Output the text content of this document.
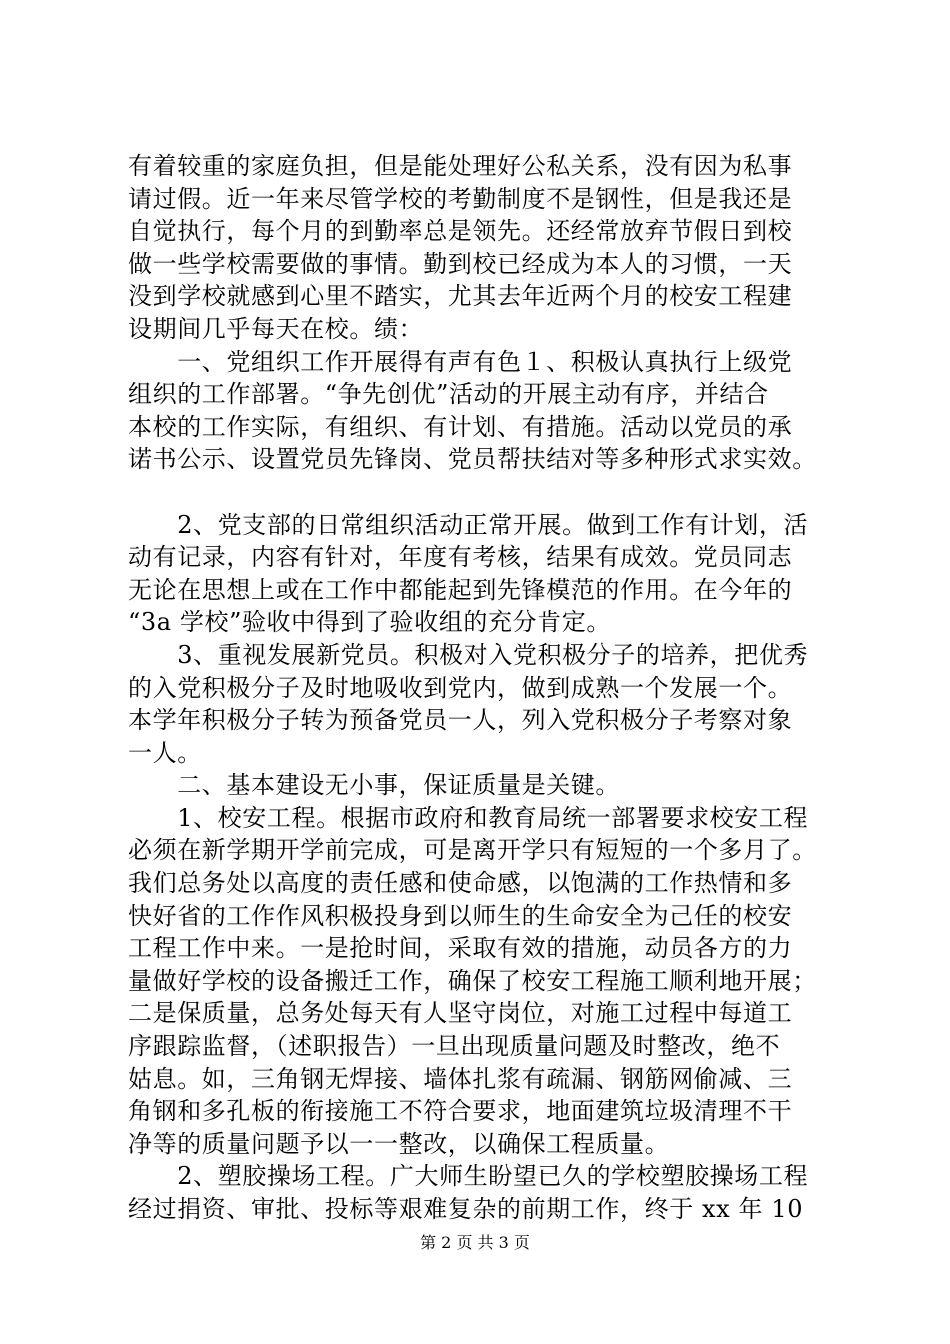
有着较重的家庭负担，但是能处理好公私关系，没有因为私事
请过假。近一年来尽管学校的考勤制度不是钢性，但是我还是
自觉执行，每个月的到勤率总是领先。还经常放弃节假日到校
做一些学校需要做的事情。勤到校已经成为本人的习惯，一天
没到学校就感到心里不踏实，尤其去年近两个月的校安工程建
设期间几乎每天在校。绩：
　　一、党组织工作开展得有声有色１、积极认真执行上级党
组织的工作部署。“争先创优”活动的开展主动有序，并结合
本校的工作实际，有组织、有计划、有措施。活动以党员的承
诺书公示、设置党员先锋岗、党员帮扶结对等多种形式求实效。
　　2、党支部的日常组织活动正常开展。做到工作有计划，活
动有记录，内容有针对，年度有考核，结果有成效。党员同志
无论在思想上或在工作中都能起到先锋模范的作用。在今年的
“3a 学校”验收中得到了验收组的充分肯定。
　　3、重视发展新党员。积极对入党积极分子的培养，把优秀
的入党积极分子及时地吸收到党内，做到成熟一个发展一个。
本学年积极分子转为预备党员一人，列入党积极分子考察对象
一人。
　　二、基本建设无小事，保证质量是关键。
　　1、校安工程。根据市政府和教育局统一部署要求校安工程
必须在新学期开学前完成，可是离开学只有短短的一个多月了。
我们总务处以高度的责任感和使命感，以饱满的工作热情和多
快好省的工作作风积极投身到以师生的生命安全为己任的校安
工程工作中来。一是抢时间，采取有效的措施，动员各方的力
量做好学校的设备搬迁工作，确保了校安工程施工顺利地开展；
二是保质量，总务处每天有人坚守岗位，对施工过程中每道工
序跟踪监督，（述职报告）一旦出现质量问题及时整改，绝不
姑息。如，三角钢无焊接、墙体扎浆有疏漏、钢筋网偷减、三
角钢和多孔板的衔接施工不符合要求，地面建筑垃圾清理不干
净等的质量问题予以一一整改，以确保工程质量。
　　2、塑胶操场工程。广大师生盼望已久的学校塑胶操场工程
经过捐资、审批、投标等艰难复杂的前期工作，终于 xx 年 10
第 2 页 共 3 页
